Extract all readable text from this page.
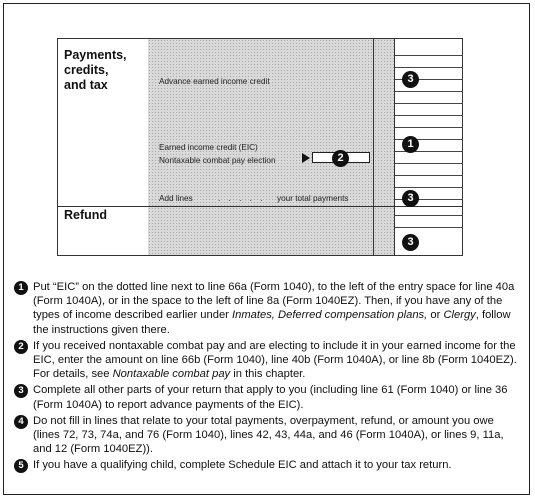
Payments,
credits,
and tax
Refund
Advance earned income credit	3
Earned income credit (EIC)	1
Nontaxable combat pay election	2
Add lines	. . . . . your total payments	3
3
1 Put “EIC” on the dotted line next to line 66a (Form 1040), to the left of the entry space for line 40a (Form 1040A), or in the space to the left of line 8a (Form 1040EZ). Then, if you have any of the types of income described earlier under Inmates, Deferred compensation plans, or Clergy, follow the instructions given there.
2 If you received nontaxable combat pay and are electing to include it in your earned income for the EIC, enter the amount on line 66b (Form 1040), line 40b (Form 1040A), or line 8b (Form 1040EZ). For details, see Nontaxable combat pay in this chapter.
3 Complete all other parts of your return that apply to you (including line 61 (Form 1040) or line 36 (Form 1040A) to report advance payments of the EIC).
4 Do not fill in lines that relate to your total payments, overpayment, refund, or amount you owe (lines 72, 73, 74a, and 76 (Form 1040), lines 42, 43, 44a, and 46 (Form 1040A), or lines 9, 11a, and 12 (Form 1040EZ)).
5 If you have a qualifying child, complete Schedule EIC and attach it to your tax return.
